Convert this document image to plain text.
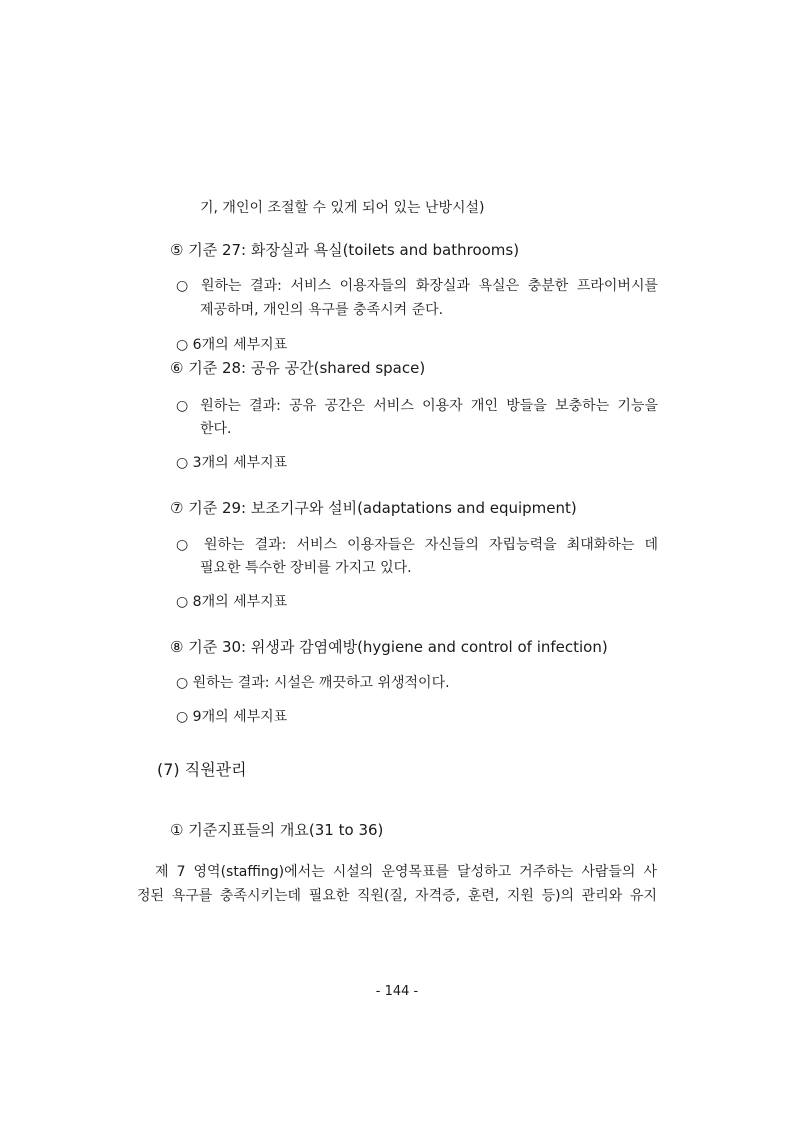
기, 개인이 조절할 수 있게 되어 있는 난방시설)
⑤ 기준 27: 화장실과 욕실(toilets and bathrooms)
○ 원하는 결과: 서비스 이용자들의 화장실과 욕실은 충분한 프라이버시를
제공하며, 개인의 욕구를 충족시켜 준다.
○ 6개의 세부지표
⑥ 기준 28: 공유 공간(shared space)
○ 원하는 결과: 공유 공간은 서비스 이용자 개인 방들을 보충하는 기능을
한다.
○ 3개의 세부지표
⑦ 기준 29: 보조기구와 설비(adaptations and equipment)
○ 원하는 결과: 서비스 이용자들은 자신들의 자립능력을 최대화하는 데
필요한 특수한 장비를 가지고 있다.
○ 8개의 세부지표
⑧ 기준 30: 위생과 감염예방(hygiene and control of infection)
○ 원하는 결과: 시설은 깨끗하고 위생적이다.
○ 9개의 세부지표
(7) 직원관리
① 기준지표들의 개요(31 to 36)
제 7 영역(staffing)에서는 시설의 운영목표를 달성하고 거주하는 사람들의 사
정된 욕구를 충족시키는데 필요한 직원(질, 자격증, 훈련, 지원 등)의 관리와 유지
- 144 -
